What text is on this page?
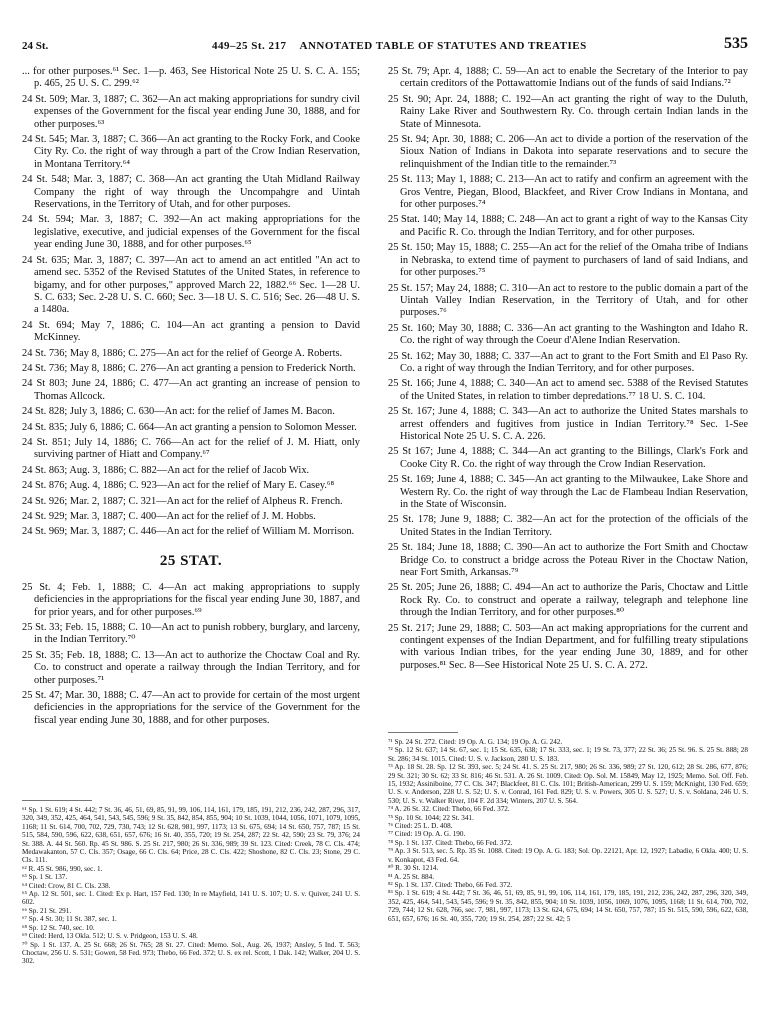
24 St.	449–25 St. 217 ANNOTATED TABLE OF STATUTES AND TREATIES	535

... for other purposes.⁶¹ Sec. 1—p. 463, See Historical Note 25 U. S. C. A. 155; p. 465, 25 U. S. C. 299.⁶²

24 St. 509; Mar. 3, 1887; C. 362—An act making appropriations for sundry civil expenses of the Government for the fiscal year ending June 30, 1888, and for other purposes.⁶³

24 St. 545; Mar. 3, 1887; C. 366—An act granting to the Rocky Fork, and Cooke City Ry. Co. the right of way through a part of the Crow Indian Reservation, in Montana Territory.⁶⁴

24 St. 548; Mar. 3, 1887; C. 368—An act granting the Utah Midland Railway Company the right of way through the Uncompahgre and Uintah Reservations, in the Territory of Utah, and for other purposes.

24 St. 594; Mar. 3, 1887; C. 392—An act making appropriations for the legislative, executive, and judicial expenses of the Government for the fiscal year ending June 30, 1888, and for other purposes.⁶⁵

24 St. 635; Mar. 3, 1887; C. 397—An act to amend an act entitled "An act to amend sec. 5352 of the Revised Statutes of the United States, in reference to bigamy, and for other purposes," approved March 22, 1882.⁶⁶ Sec. 1—28 U. S. C. 633; Sec. 2-28 U. S. C. 660; Sec. 3—18 U. S. C. 516; Sec. 26—48 U. S. a 1480a.

24 St. 694; May 7, 1886; C. 104—An act granting a pension to David McKinney.

24 St. 736; May 8, 1886; C. 275—An act for the relief of George A. Roberts.

24 St. 736; May 8, 1886; C. 276—An act granting a pension to Frederick North.

24 St 803; June 24, 1886; C. 477—An act granting an increase of pension to Thomas Allcock.

24 St. 828; July 3, 1886; C. 630—An act: for the relief of James M. Bacon.

24 St. 835; July 6, 1886; C. 664—An act granting a pension to Solomon Messer.

24 St. 851; July 14, 1886; C. 766—An act for the relief of J. M. Hiatt, only surviving partner of Hiatt and Company.⁶⁷

24 St. 863; Aug. 3, 1886; C. 882—An act for the relief of Jacob Wix.

24 St. 876; Aug. 4, 1886; C. 923—An act for the relief of Mary E. Casey.⁶⁸

24 St. 926; Mar. 2, 1887; C. 321—An act for the relief of Alpheus R. French.

24 St. 929; Mar. 3, 1887; C. 400—An act for the relief of J. M. Hobbs.

24 St. 969; Mar. 3, 1887; C. 446—An act for the relief of William M. Morrison.

25 STAT.

25 St. 4; Feb. 1, 1888; C. 4—An act making appropriations to supply deficiencies in the appropriations for the fiscal year ending June 30, 1887, and for prior years, and for other purposes.⁶⁹

25 St. 33; Feb. 15, 1888; C. 10—An act to punish robbery, burglary, and larceny, in the Indian Territory.⁷⁰

25 St. 35; Feb. 18, 1888; C. 13—An act to authorize the Choctaw Coal and Ry. Co. to construct and operate a railway through the Indian Territory, and for other purposes.⁷¹

25 St. 47; Mar. 30, 1888; C. 47—An act to provide for certain of the most urgent deficiencies in the appropriations for the service of the Government for the fiscal year ending June 30, 1888, and for other purposes.

25 St. 79; Apr. 4, 1888; C. 59—An act to enable the Secretary of the Interior to pay certain creditors of the Pottawattomie Indians out of the funds of said Indians.⁷²

25 St. 90; Apr. 24, 1888; C. 192—An act granting the right of way to the Duluth, Rainy Lake River and Southwestern Ry. Co. through certain Indian lands in the State of Minnesota.

25 St. 94; Apr. 30, 1888; C. 206—An act to divide a portion of the reservation of the Sioux Nation of Indians in Dakota into separate reservations and to secure the relinquishment of the Indian title to the remainder.⁷³

25 St. 113; May 1, 1888; C. 213—An act to ratify and confirm an agreement with the Gros Ventre, Piegan, Blood, Blackfeet, and River Crow Indians in Montana, and for other purposes.⁷⁴

25 Stat. 140; May 14, 1888; C. 248—An act to grant a right of way to the Kansas City and Pacific R. Co. through the Indian Territory, and for other purposes.

25 St. 150; May 15, 1888; C. 255—An act for the relief of the Omaha tribe of Indians in Nebraska, to extend time of payment to purchasers of land of said Indians, and for other purposes.⁷⁵

25 St. 157; May 24, 1888; C. 310—An act to restore to the public domain a part of the Uintah Valley Indian Reservation, in the Territory of Utah, and for other purposes.⁷⁶

25 St. 160; May 30, 1888; C. 336—An act granting to the Washington and Idaho R. Co. the right of way through the Coeur d'Alene Indian Reservation.

25 St. 162; May 30, 1888; C. 337—An act to grant to the Fort Smith and El Paso Ry. Co. a right of way through the Indian Territory, and for other purposes.

25 St. 166; June 4, 1888; C. 340—An act to amend sec. 5388 of the Revised Statutes of the United States, in relation to timber depredations.⁷⁷ 18 U. S. C. 104.

25 St. 167; June 4, 1888; C. 343—An act to authorize the United States marshals to arrest offenders and fugitives from justice in Indian Territory.⁷⁸ Sec. 1-See Historical Note 25 U. S. C. A. 226.

25 St 167; June 4, 1888; C. 344—An act granting to the Billings, Clark's Fork and Cooke City R. Co. the right of way through the Crow Indian Reservation.

25 St. 169; June 4, 1888; C. 345—An act granting to the Milwaukee, Lake Shore and Western Ry. Co. the right of way through the Lac de Flambeau Indian Reservation, in the State of Wisconsin.

25 St. 178; June 9, 1888; C. 382—An act for the protection of the officials of the United States in the Indian Territory.

25 St. 184; June 18, 1888; C. 390—An act to authorize the Fort Smith and Choctaw Bridge Co. to construct a bridge across the Poteau River in the Choctaw Nation, near Fort Smith, Arkansas.⁷⁹

25 St. 205; June 26, 1888; C. 494—An act to authorize the Paris, Choctaw and Little Rock Ry. Co. to construct and operate a railway, telegraph and telephone line through the Indian Territory, and for other purposes.⁸⁰

25 St. 217; June 29, 1888; C. 503—An act making appropriations for the current and contingent expenses of the Indian Department, and for fulfilling treaty stipulations with various Indian tribes, for the year ending June 30, 1889, and for other purposes.⁸¹ Sec. 8—See Historical Note 25 U. S. C. A. 272.

⁶¹ Sp. 1 St. 619; 4 St. 442; 7 St. 36, 46, 51, 69, 85, 91, 99, 106, 114, 161, 179, 185, 191, 212, 236, 242, 287, 296, 317, 320, 349, 352, 425, 464, 541, 543, 545, 596; 9 St. 35, 842, 854, 855, 904; 10 St. 1039, 1044, 1056, 1071, 1079, 1095, 1168; 11 St. 614, 700, 702, 729, 730, 743; 12 St. 628, 981, 997, 1173; 13 St. 675, 694; 14 St. 650, 757, 787; 15 St. 515, 584, 590, 596, 622, 638, 651, 657, 676; 16 St. 40, 355, 720; 19 St. 254, 287; 22 St. 42, 590; 23 St. 79, 376; 24 St. 388. A. 44 St. 560. Rp. 45 St. 986. S. 25 St. 217, 980; 26 St. 336, 989; 39 St. 123. Cited: Creek, 78 C. Cls. 474; Medawakanton, 57 C. Cls. 357; Osage, 66 C. Cls. 64; Price, 28 C. Cls. 422; Shoshone, 82 C. Cls. 23; Stone, 29 C. Cls. 111.

⁶² R. 45 St. 986, 990, sec. 1.

⁶³ Sp. 1 St. 137.

⁶⁴ Cited: Crow, 81 C. Cls. 238.

⁶⁵ Ap. 12 St. 501, sec. 1. Cited: Ex p. Hart, 157 Fed. 130; In re Mayfield, 141 U. S. 107; U. S. v. Quiver, 241 U. S. 602.

⁶⁶ Sp. 21 St. 291.

⁶⁷ Sp. 4 St. 30; 11 St. 387, sec. 1.

⁶⁸ Sp. 12 St. 740, sec. 10.

⁶⁹ Cited: Herd, 13 Okla. 512; U. S. v. Pridgeon, 153 U. S. 48.

⁷⁰ Sp. 1 St. 137. A. 25 St. 668; 26 St. 765; 28 St. 27. Cited: Memo. Sol., Aug. 26, 1937; Ansley, 5 Ind. T. 563; Choctaw, 256 U. S. 531; Gowen, 58 Fed. 973; Thebo, 66 Fed. 372; U. S. ex rel. Scott, 1 Dak. 142; Walker, 204 U. S. 302.

⁷¹ Sp. 24 St. 272. Cited: 19 Op. A. G. 134; 19 Op. A. G. 242.

⁷² Sp. 12 St. 637; 14 St. 67, sec. 1; 15 St. 635, 638; 17 St. 333, sec. 1; 19 St. 73, 377; 22 St. 36; 25 St. 96. S. 25 St. 888; 28 St. 286; 34 St. 1015. Cited: U. S. v. Jackson, 280 U. S. 183.

⁷³ Ap. 18 St. 28. Sp. 12 St. 393, sec. 5; 24 St. 41. S. 25 St. 217, 980; 26 St. 336, 989; 27 St. 120, 612; 28 St. 286, 677, 876; 29 St. 321; 30 St. 62; 33 St. 816; 46 St. 531. A. 26 St. 1009. Cited: Op. Sol. M. 15849, May 12, 1925; Memo. Sol. Off. Feb. 15, 1932; Assiniboine, 77 C. Cls. 347; Blackfeet, 81 C. Cls. 101; British-American, 299 U. S. 159; McKnight, 130 Fed. 659; U. S. v. Anderson, 228 U. S. 52; U. S. v. Conrad, 161 Fed. 829; U. S. v. Powers, 305 U. S. 527; U. S. v. Soldana, 246 U. S. 530; U. S. v. Walker River, 104 F. 2d 334; Winters, 207 U. S. 564.

⁷⁴ A. 26 St. 32. Cited: Thebo, 66 Fed. 372.

⁷⁵ Sp. 10 St. 1044; 22 St. 341.

⁷⁶ Cited: 25 L. D. 408.

⁷⁷ Cited: 19 Op. A. G. 190.

⁷⁸ Sp. 1 St. 137. Cited: Thebo, 66 Fed. 372.

⁷⁹ Ap. 3 St. 513, sec. 5. Rp. 35 St. 1088. Cited: 19 Op. A. G. 183; Sol. Op. 22121, Apr. 12, 1927; Labadie, 6 Okla. 400; U. S. v. Konkapot, 43 Fed. 64.

⁸⁰ R. 30 St. 1214.

⁸¹ A. 25 St. 884.

⁸² Sp. 1 St. 137. Cited: Thebo, 66 Fed. 372.

⁸³ Sp. 1 St. 619; 4 St. 442; 7 St. 36, 46, 51, 69, 85, 91, 99, 106, 114, 161, 179, 185, 191, 212, 236, 242, 287, 296, 320, 349, 352, 425, 464, 541, 543, 545, 596; 9 St. 35, 842, 855, 904; 10 St. 1039, 1056, 1069, 1076, 1095, 1168; 11 St. 614, 700, 702, 729, 744; 12 St. 628, 766, sec. 7, 981, 997, 1173; 13 St. 624, 675, 694; 14 St. 650, 757, 787; 15 St. 515, 590, 596, 622, 638, 651, 657, 676; 16 St. 40, 355, 720; 19 St. 254, 287; 22 St. 42; 5
